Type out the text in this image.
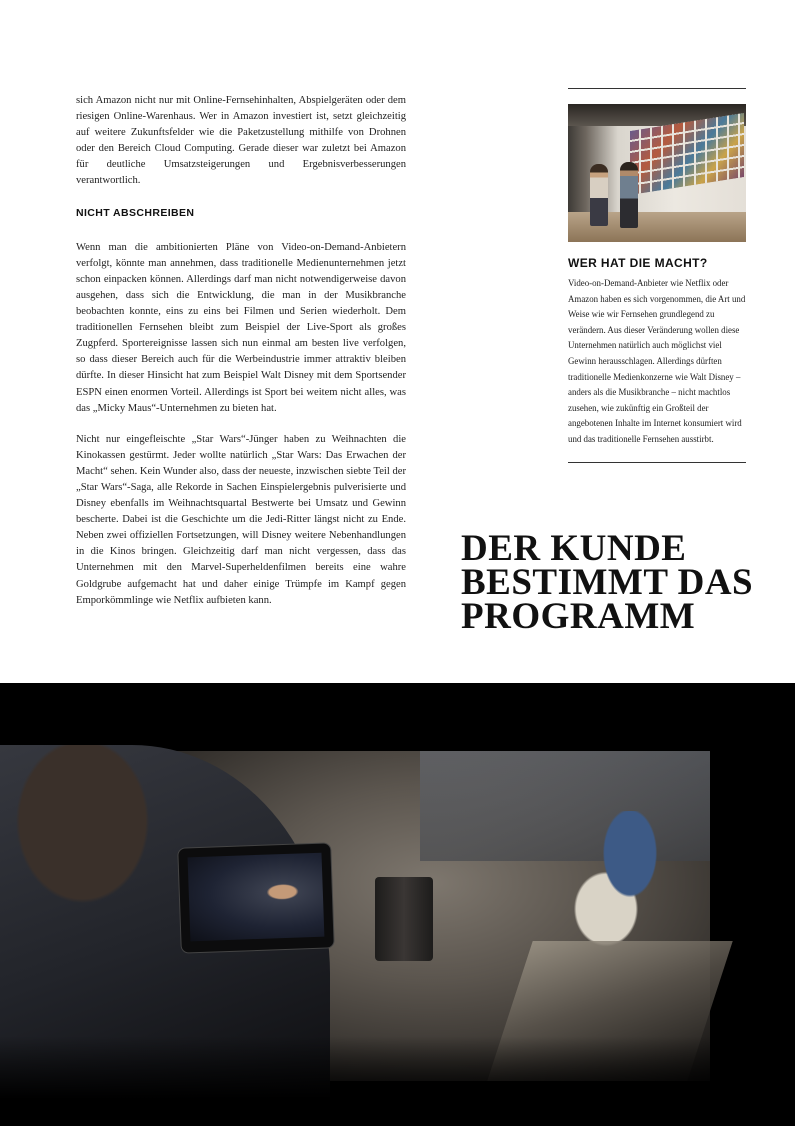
sich Amazon nicht nur mit Online-Fernsehinhalten, Abspielgeräten oder dem riesigen Online-Warenhaus. Wer in Amazon investiert ist, setzt gleichzeitig auf weitere Zukunftsfelder wie die Paketzustellung mithilfe von Drohnen oder den Bereich Cloud Computing. Gerade dieser war zuletzt bei Amazon für deutliche Umsatzsteigerungen und Ergebnisverbesserungen verantwortlich.

NICHT ABSCHREIBEN

Wenn man die ambitionierten Pläne von Video-on-Demand-Anbietern verfolgt, könnte man annehmen, dass traditionelle Medienunternehmen jetzt schon einpacken können. Allerdings darf man nicht notwendigerweise davon ausgehen, dass sich die Entwicklung, die man in der Musikbranche beobachten konnte, eins zu eins bei Filmen und Serien wiederholt. Dem traditionellen Fernsehen bleibt zum Beispiel der Live-Sport als großes Zugpferd. Sportereignisse lassen sich nun einmal am besten live verfolgen, so dass dieser Bereich auch für die Werbeindustrie immer attraktiv bleiben dürfte. In dieser Hinsicht hat zum Beispiel Walt Disney mit dem Sportsender ESPN einen enormen Vorteil. Allerdings ist Sport bei weitem nicht alles, was das „Micky Maus“-Unternehmen zu bieten hat.

Nicht nur eingefleischte „Star Wars“-Jünger haben zu Weihnachten die Kinokassen gestürmt. Jeder wollte natürlich „Star Wars: Das Erwachen der Macht“ sehen. Kein Wunder also, dass der neueste, inzwischen siebte Teil der „Star Wars“-Saga, alle Rekorde in Sachen Einspielergebnis pulverisierte und Disney ebenfalls im Weihnachtsquartal Bestwerte bei Umsatz und Gewinn bescherte. Dabei ist die Geschichte um die Jedi-Ritter längst nicht zu Ende. Neben zwei offiziellen Fortsetzungen, will Disney weitere Nebenhandlungen in die Kinos bringen. Gleichzeitig darf man nicht vergessen, dass das Unternehmen mit den Marvel-Superheldenfilmen bereits eine wahre Goldgrube aufgemacht hat und daher einige Trümpfe im Kampf gegen Emporkömmlinge wie Netflix aufbieten kann.

WER HAT DIE MACHT?

Video-on-Demand-Anbieter wie Netflix oder Amazon haben es sich vorgenommen, die Art und Weise wie wir Fernsehen grundlegend zu verändern. Aus dieser Veränderung wollen diese Unternehmen natürlich auch möglichst viel Gewinn herausschlagen. Allerdings dürften traditionelle Medienkonzerne wie Walt Disney – anders als die Musikbranche – nicht machtlos zusehen, wie zukünftig ein Großteil der angebotenen Inhalte im Internet konsumiert wird und das traditionelle Fernsehen ausstirbt.

DER KUNDE
BESTIMMT DAS
PROGRAMM
